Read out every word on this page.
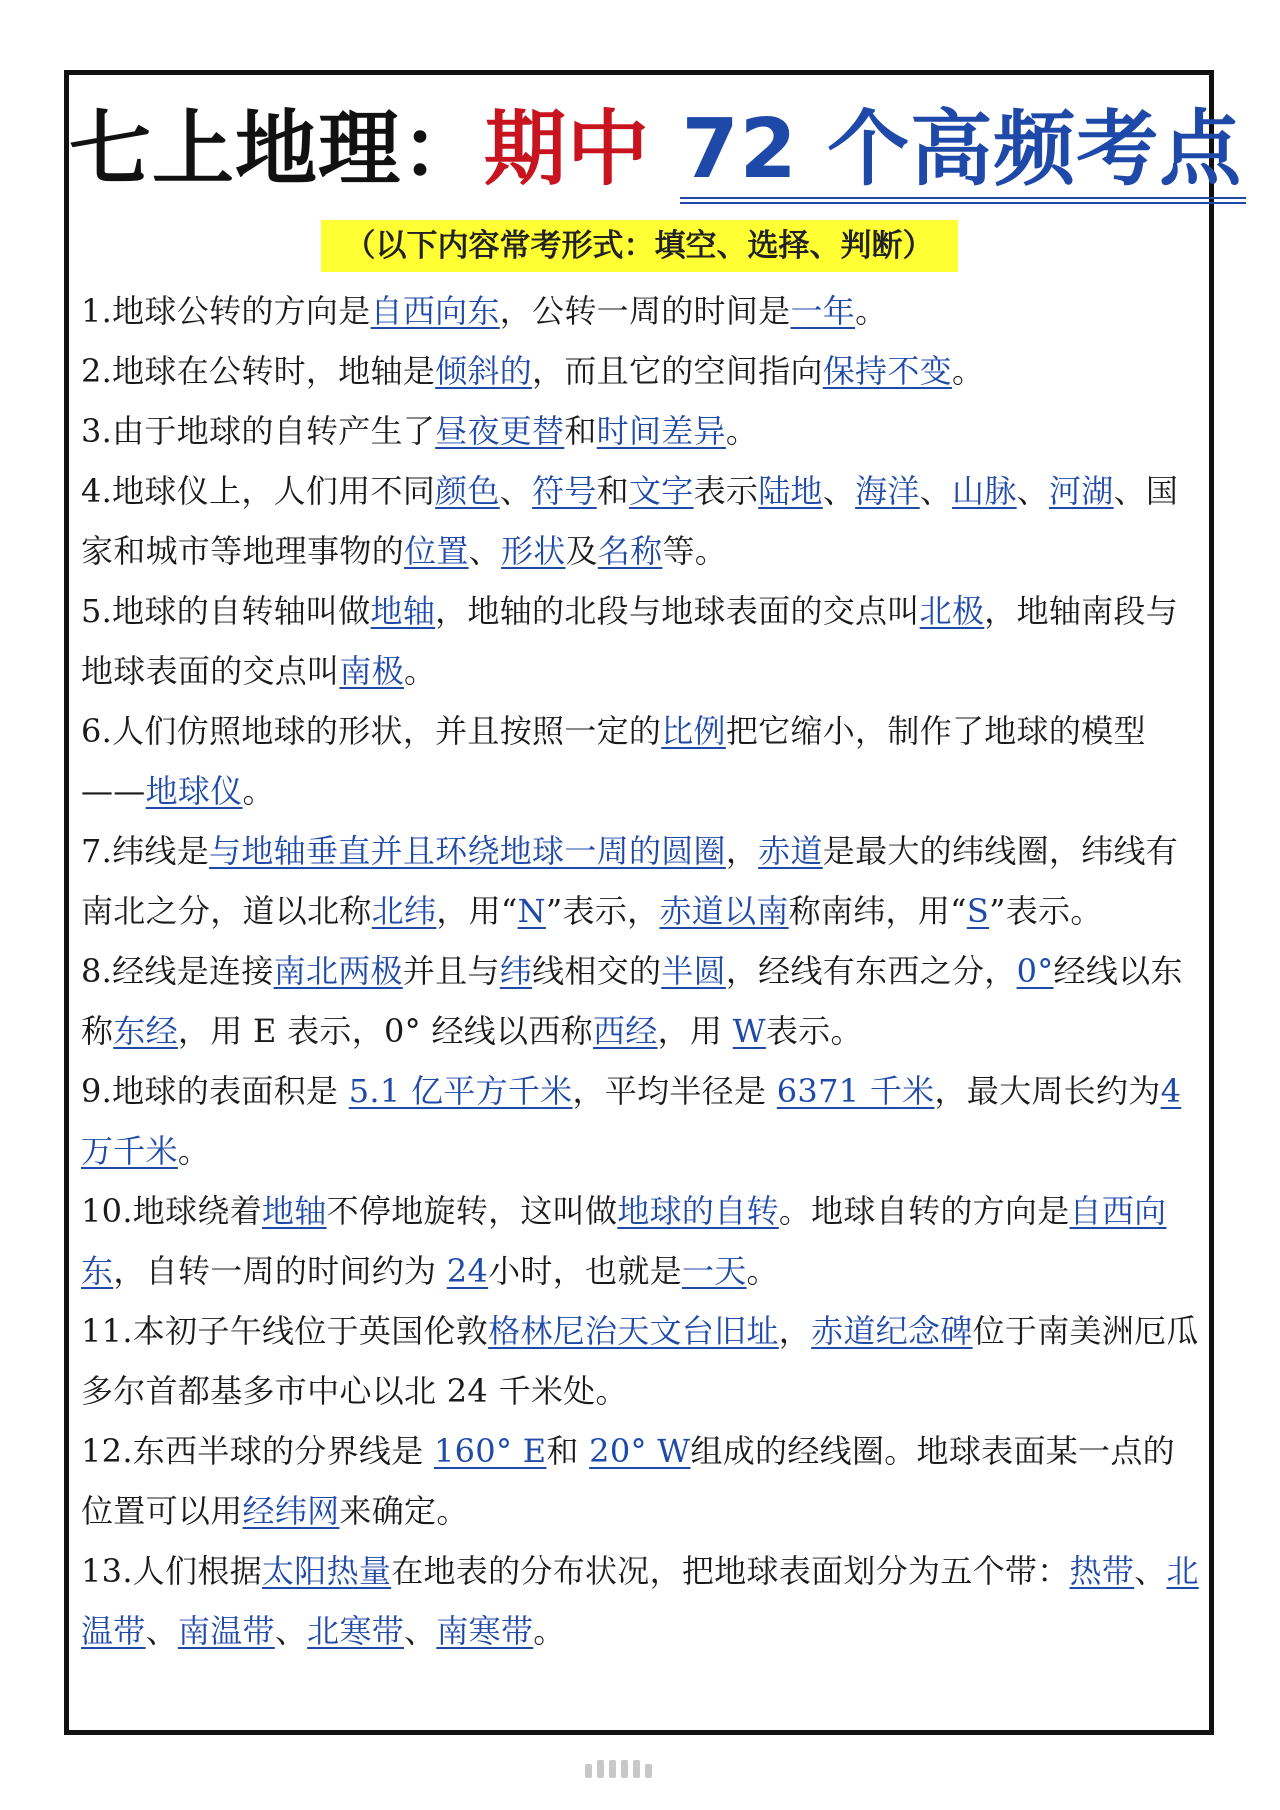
七上地理：期中 72 个高频考点
（以下内容常考形式：填空、选择、判断）
1.地球公转的方向是自西向东，公转一周的时间是一年。
2.地球在公转时，地轴是倾斜的，而且它的空间指向保持不变。
3.由于地球的自转产生了昼夜更替和时间差异。
4.地球仪上，人们用不同颜色、符号和文字表示陆地、海洋、山脉、河湖、国家和城市等地理事物的位置、形状及名称等。
5.地球的自转轴叫做地轴，地轴的北段与地球表面的交点叫北极，地轴南段与地球表面的交点叫南极。
6.人们仿照地球的形状，并且按照一定的比例把它缩小，制作了地球的模型——地球仪。
7.纬线是与地轴垂直并且环绕地球一周的圆圈，赤道是最大的纬线圈，纬线有南北之分，道以北称北纬，用“N”表示，赤道以南称南纬，用“S”表示。
8.经线是连接南北两极并且与纬线相交的半圆，经线有东西之分，0°经线以东称东经，用 E 表示，0° 经线以西称西经，用 W表示。
9.地球的表面积是 5.1 亿平方千米，平均半径是 6371 千米，最大周长约为4 万千米。
10.地球绕着地轴不停地旋转，这叫做地球的自转。地球自转的方向是自西向东，自转一周的时间约为 24小时，也就是一天。
11.本初子午线位于英国伦敦格林尼治天文台旧址，赤道纪念碑位于南美洲厄瓜多尔首都基多市中心以北 24 千米处。
12.东西半球的分界线是 160° E和 20° W组成的经线圈。地球表面某一点的位置可以用经纬网来确定。
13.人们根据太阳热量在地表的分布状况，把地球表面划分为五个带：热带、北温带、南温带、北寒带、南寒带。
